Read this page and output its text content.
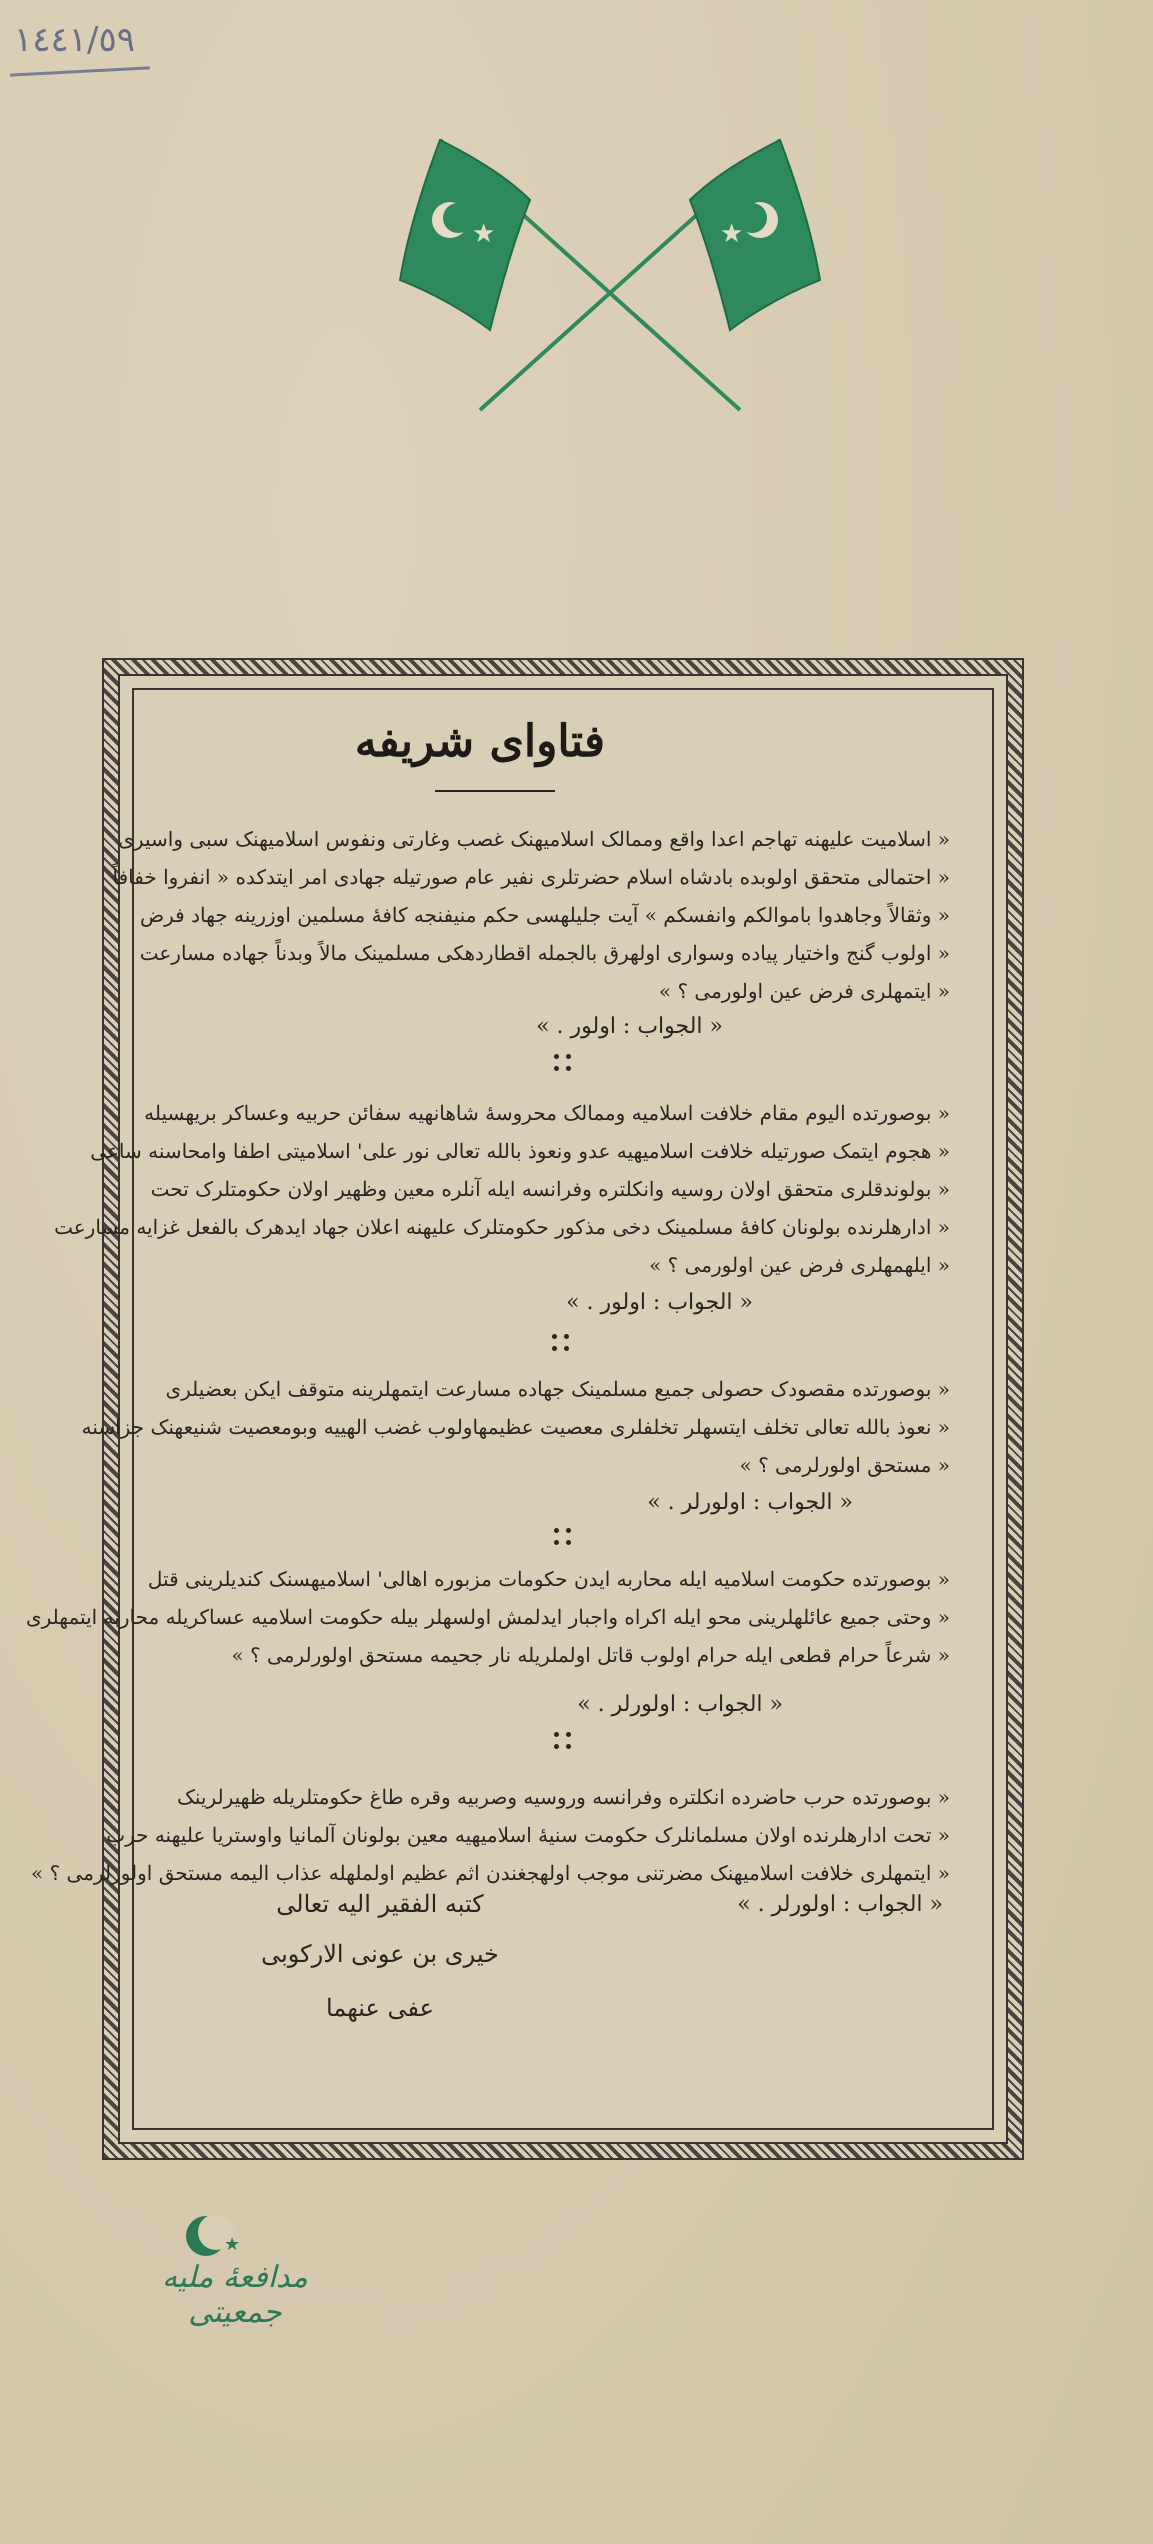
١٤٤١/٥٩
★	★
فتاوای شریفه

« اسلامیت علیهنه تهاجم اعدا واقع وممالک اسلامیهنک غصب وغارتی ونفوس اسلامیهنک سبی واسیری

« احتمالی متحقق اولوبده بادشاه اسلام حضرتلری نفیر عام صورتیله جهادی امر ایتدکده « انفروا خفافاً

« وثقالاً وجاهدوا باموالکم وانفسکم » آیت جلیلهسی حکم منیفنجه کافهٔ مسلمین اوزرینه جهاد فرض

« اولوب گنج واختیار پیاده وسواری اولهرق بالجمله اقطاردهکی مسلمینک مالاً وبدناً جهاده مسارعت

« ایتمهلری فرض عین اولورمی ؟ »

« الجواب : اولور . »

« بوصورتده الیوم مقام خلافت اسلامیه وممالک محروسهٔ شاهانهیه سفائن حربیه وعساکر بریهسیله

« هجوم ایتمک صورتیله خلافت اسلامیهیه عدو ونعوذ بالله تعالی نور علی' اسلامیتی اطفا وامحاسنه ساعی

« بولوندقلری متحقق اولان روسیه وانکلتره وفرانسه ایله آنلره معین وظهیر اولان حکومتلرک تحت

« ادارهلرنده بولونان کافهٔ مسلمینک دخی مذکور حکومتلرک علیهنه اعلان جهاد ایدهرک بالفعل غزایه مسارعت

« ایلهمهلری فرض عین اولورمی ؟ »

« الجواب : اولور . »

« بوصورتده مقصودک حصولی جمیع مسلمینک جهاده مسارعت ایتمهلرینه متوقف ایکن بعضیلری

« نعوذ بالله تعالی تخلف ایتسهلر تخلفلری معصیت عظیمهاولوب غضب الهییه وبومعصیت شنیعهنک جزاسنه

« مستحق اولورلرمی ؟ »

« الجواب : اولورلر . »

« بوصورتده حکومت اسلامیه ایله محاربه ایدن حکومات مزبوره اهالی' اسلامیهسنک کندیلرینی قتل

« وحتی جمیع عائلهلرینی محو ایله اکراه واجبار ایدلمش اولسهلر بیله حکومت اسلامیه عساکریله محاربه ایتمهلری

« شرعاً حرام قطعی ایله حرام اولوب قاتل اولملریله نار جحیمه مستحق اولورلرمی ؟ »

« الجواب : اولورلر . »

« بوصورتده حرب حاضرده انکلتره وفرانسه وروسیه وصربیه وقره طاغ حکومتلریله ظهیرلرینک

« تحت ادارهلرنده اولان مسلمانلرک حکومت سنیهٔ اسلامیهیه معین بولونان آلمانیا واوستریا علیهنه حرب

« ایتمهلری خلافت اسلامیهنک مضرتنی موجب اولهجغندن اثم عظیم اولملهله عذاب الیمه مستحق اولورلرمی ؟ »

« الجواب : اولورلر . »
کتبه الفقیر الیه تعالی
خیری بن عونی الارکوبی
عفی عنهما
★
مدافعهٔ ملیه جمعیتی
